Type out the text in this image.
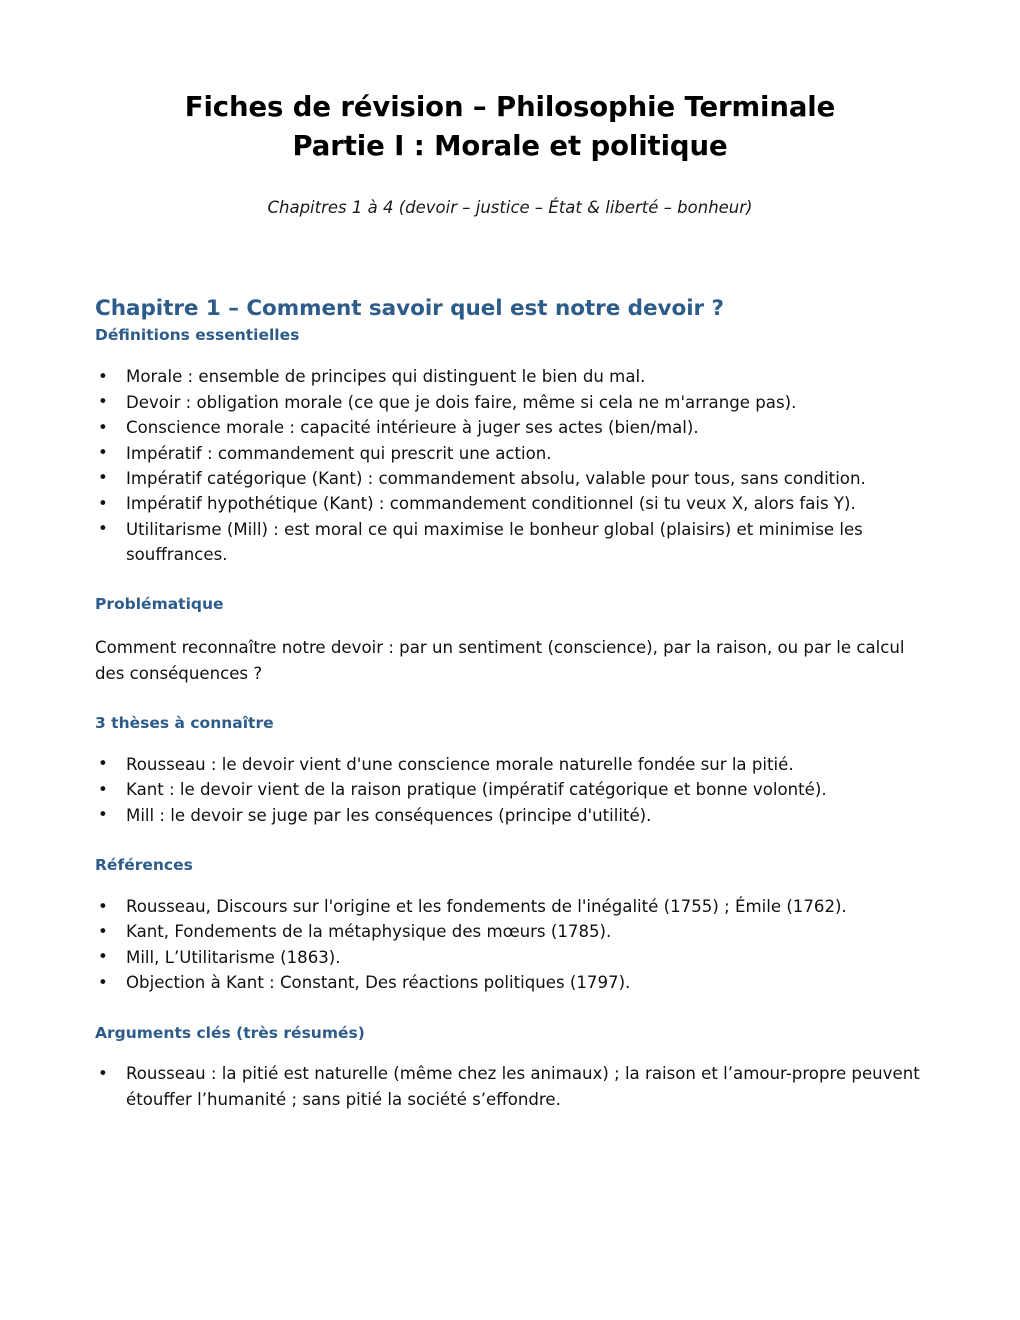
Fiches de révision – Philosophie Terminale
Partie I : Morale et politique

Chapitres 1 à 4 (devoir – justice – État & liberté – bonheur)

Chapitre 1 – Comment savoir quel est notre devoir ?
Définitions essentielles
• Morale : ensemble de principes qui distinguent le bien du mal.
• Devoir : obligation morale (ce que je dois faire, même si cela ne m'arrange pas).
• Conscience morale : capacité intérieure à juger ses actes (bien/mal).
• Impératif : commandement qui prescrit une action.
• Impératif catégorique (Kant) : commandement absolu, valable pour tous, sans condition.
• Impératif hypothétique (Kant) : commandement conditionnel (si tu veux X, alors fais Y).
• Utilitarisme (Mill) : est moral ce qui maximise le bonheur global (plaisirs) et minimise les souffrances.
Problématique

Comment reconnaître notre devoir : par un sentiment (conscience), par la raison, ou par le calcul des conséquences ?

3 thèses à connaître
• Rousseau : le devoir vient d'une conscience morale naturelle fondée sur la pitié.
• Kant : le devoir vient de la raison pratique (impératif catégorique et bonne volonté).
• Mill : le devoir se juge par les conséquences (principe d'utilité).
Références
• Rousseau, Discours sur l'origine et les fondements de l'inégalité (1755) ; Émile (1762).
• Kant, Fondements de la métaphysique des mœurs (1785).
• Mill, L’Utilitarisme (1863).
• Objection à Kant : Constant, Des réactions politiques (1797).
Arguments clés (très résumés)
• Rousseau : la pitié est naturelle (même chez les animaux) ; la raison et l’amour-propre peuvent étouffer l’humanité ; sans pitié la société s’effondre.
